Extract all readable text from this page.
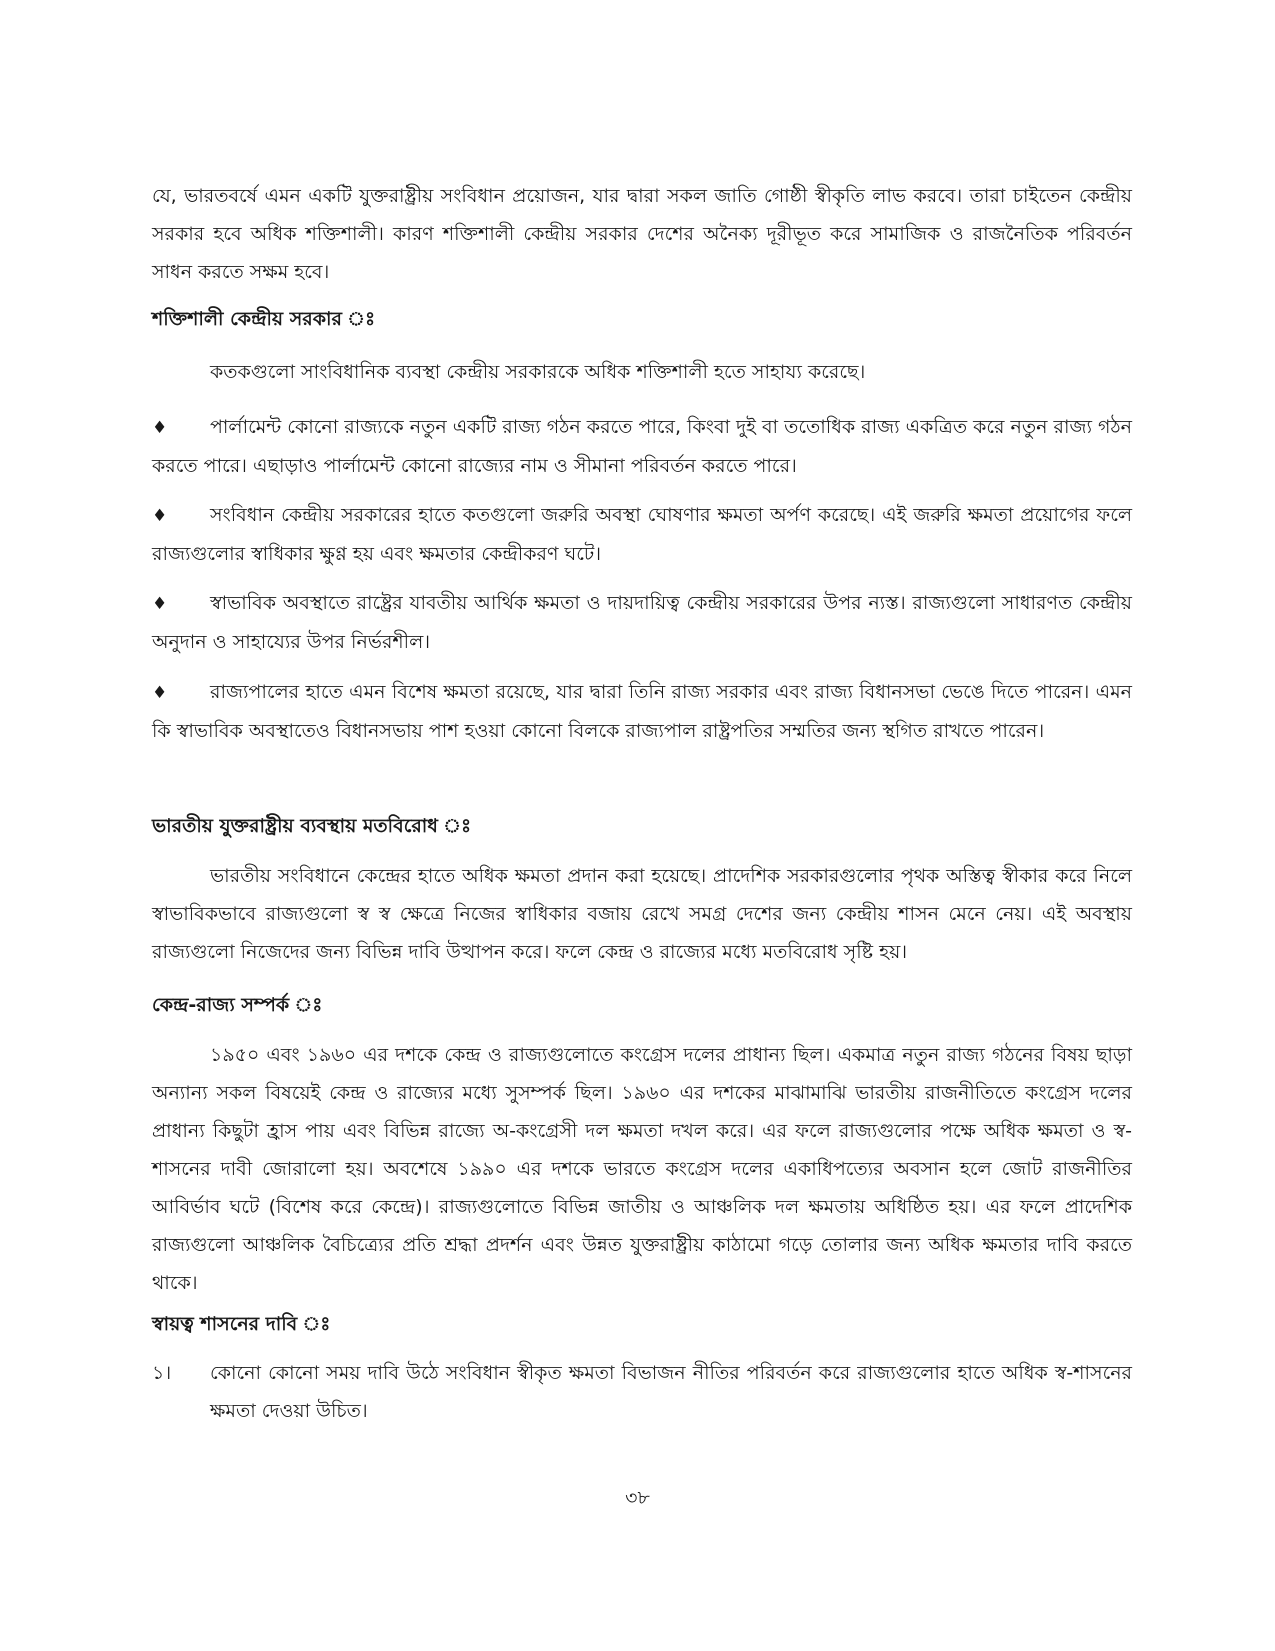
যে, ভারতবর্ষে এমন একটি যুক্তরাষ্ট্রীয় সংবিধান প্রয়োজন, যার দ্বারা সকল জাতি গোষ্ঠী স্বীকৃতি লাভ করবে। তারা চাইতেন কেন্দ্রীয় সরকার হবে অধিক শক্তিশালী। কারণ শক্তিশালী কেন্দ্রীয় সরকার দেশের অনৈক্য দূরীভূত করে সামাজিক ও রাজনৈতিক পরিবর্তন সাধন করতে সক্ষম হবে।

শক্তিশালী কেন্দ্রীয় সরকার ঃ

কতকগুলো সাংবিধানিক ব্যবস্থা কেন্দ্রীয় সরকারকে অধিক শক্তিশালী হতে সাহায্য করেছে।

♦ পার্লামেন্ট কোনো রাজ্যকে নতুন একটি রাজ্য গঠন করতে পারে, কিংবা দুই বা ততোধিক রাজ্য একত্রিত করে নতুন রাজ্য গঠন করতে পারে। এছাড়াও পার্লামেন্ট কোনো রাজ্যের নাম ও সীমানা পরিবর্তন করতে পারে।

♦ সংবিধান কেন্দ্রীয় সরকারের হাতে কতগুলো জরুরি অবস্থা ঘোষণার ক্ষমতা অর্পণ করেছে। এই জরুরি ক্ষমতা প্রয়োগের ফলে রাজ্যগুলোর স্বাধিকার ক্ষুণ্ণ হয় এবং ক্ষমতার কেন্দ্রীকরণ ঘটে।

♦ স্বাভাবিক অবস্থাতে রাষ্ট্রের যাবতীয় আর্থিক ক্ষমতা ও দায়দায়িত্ব কেন্দ্রীয় সরকারের উপর ন্যস্ত। রাজ্যগুলো সাধারণত কেন্দ্রীয় অনুদান ও সাহায্যের উপর নির্ভরশীল।

♦ রাজ্যপালের হাতে এমন বিশেষ ক্ষমতা রয়েছে, যার দ্বারা তিনি রাজ্য সরকার এবং রাজ্য বিধানসভা ভেঙে দিতে পারেন। এমন কি স্বাভাবিক অবস্থাতেও বিধানসভায় পাশ হওয়া কোনো বিলকে রাজ্যপাল রাষ্ট্রপতির সম্মতির জন্য স্থগিত রাখতে পারেন।

ভারতীয় যুক্তরাষ্ট্রীয় ব্যবস্থায় মতবিরোধ ঃ

ভারতীয় সংবিধানে কেন্দ্রের হাতে অধিক ক্ষমতা প্রদান করা হয়েছে। প্রাদেশিক সরকারগুলোর পৃথক অস্তিত্ব স্বীকার করে নিলে স্বাভাবিকভাবে রাজ্যগুলো স্ব স্ব ক্ষেত্রে নিজের স্বাধিকার বজায় রেখে সমগ্র দেশের জন্য কেন্দ্রীয় শাসন মেনে নেয়। এই অবস্থায় রাজ্যগুলো নিজেদের জন্য বিভিন্ন দাবি উত্থাপন করে। ফলে কেন্দ্র ও রাজ্যের মধ্যে মতবিরোধ সৃষ্টি হয়।

কেন্দ্র-রাজ্য সম্পর্ক ঃ

১৯৫০ এবং ১৯৬০ এর দশকে কেন্দ্র ও রাজ্যগুলোতে কংগ্রেস দলের প্রাধান্য ছিল। একমাত্র নতুন রাজ্য গঠনের বিষয় ছাড়া অন্যান্য সকল বিষয়েই কেন্দ্র ও রাজ্যের মধ্যে সুসম্পর্ক ছিল। ১৯৬০ এর দশকের মাঝামাঝি ভারতীয় রাজনীতিতে কংগ্রেস দলের প্রাধান্য কিছুটা হ্রাস পায় এবং বিভিন্ন রাজ্যে অ-কংগ্রেসী দল ক্ষমতা দখল করে। এর ফলে রাজ্যগুলোর পক্ষে অধিক ক্ষমতা ও স্ব-শাসনের দাবী জোরালো হয়। অবশেষে ১৯৯০ এর দশকে ভারতে কংগ্রেস দলের একাধিপত্যের অবসান হলে জোট রাজনীতির আবির্ভাব ঘটে (বিশেষ করে কেন্দ্রে)। রাজ্যগুলোতে বিভিন্ন জাতীয় ও আঞ্চলিক দল ক্ষমতায় অধিষ্ঠিত হয়। এর ফলে প্রাদেশিক রাজ্যগুলো আঞ্চলিক বৈচিত্র্যের প্রতি শ্রদ্ধা প্রদর্শন এবং উন্নত যুক্তরাষ্ট্রীয় কাঠামো গড়ে তোলার জন্য অধিক ক্ষমতার দাবি করতে থাকে।

স্বায়ত্ব শাসনের দাবি ঃ
১।	কোনো কোনো সময় দাবি উঠে সংবিধান স্বীকৃত ক্ষমতা বিভাজন নীতির পরিবর্তন করে রাজ্যগুলোর হাতে অধিক স্ব-শাসনের ক্ষমতা দেওয়া উচিত।
৩৮
